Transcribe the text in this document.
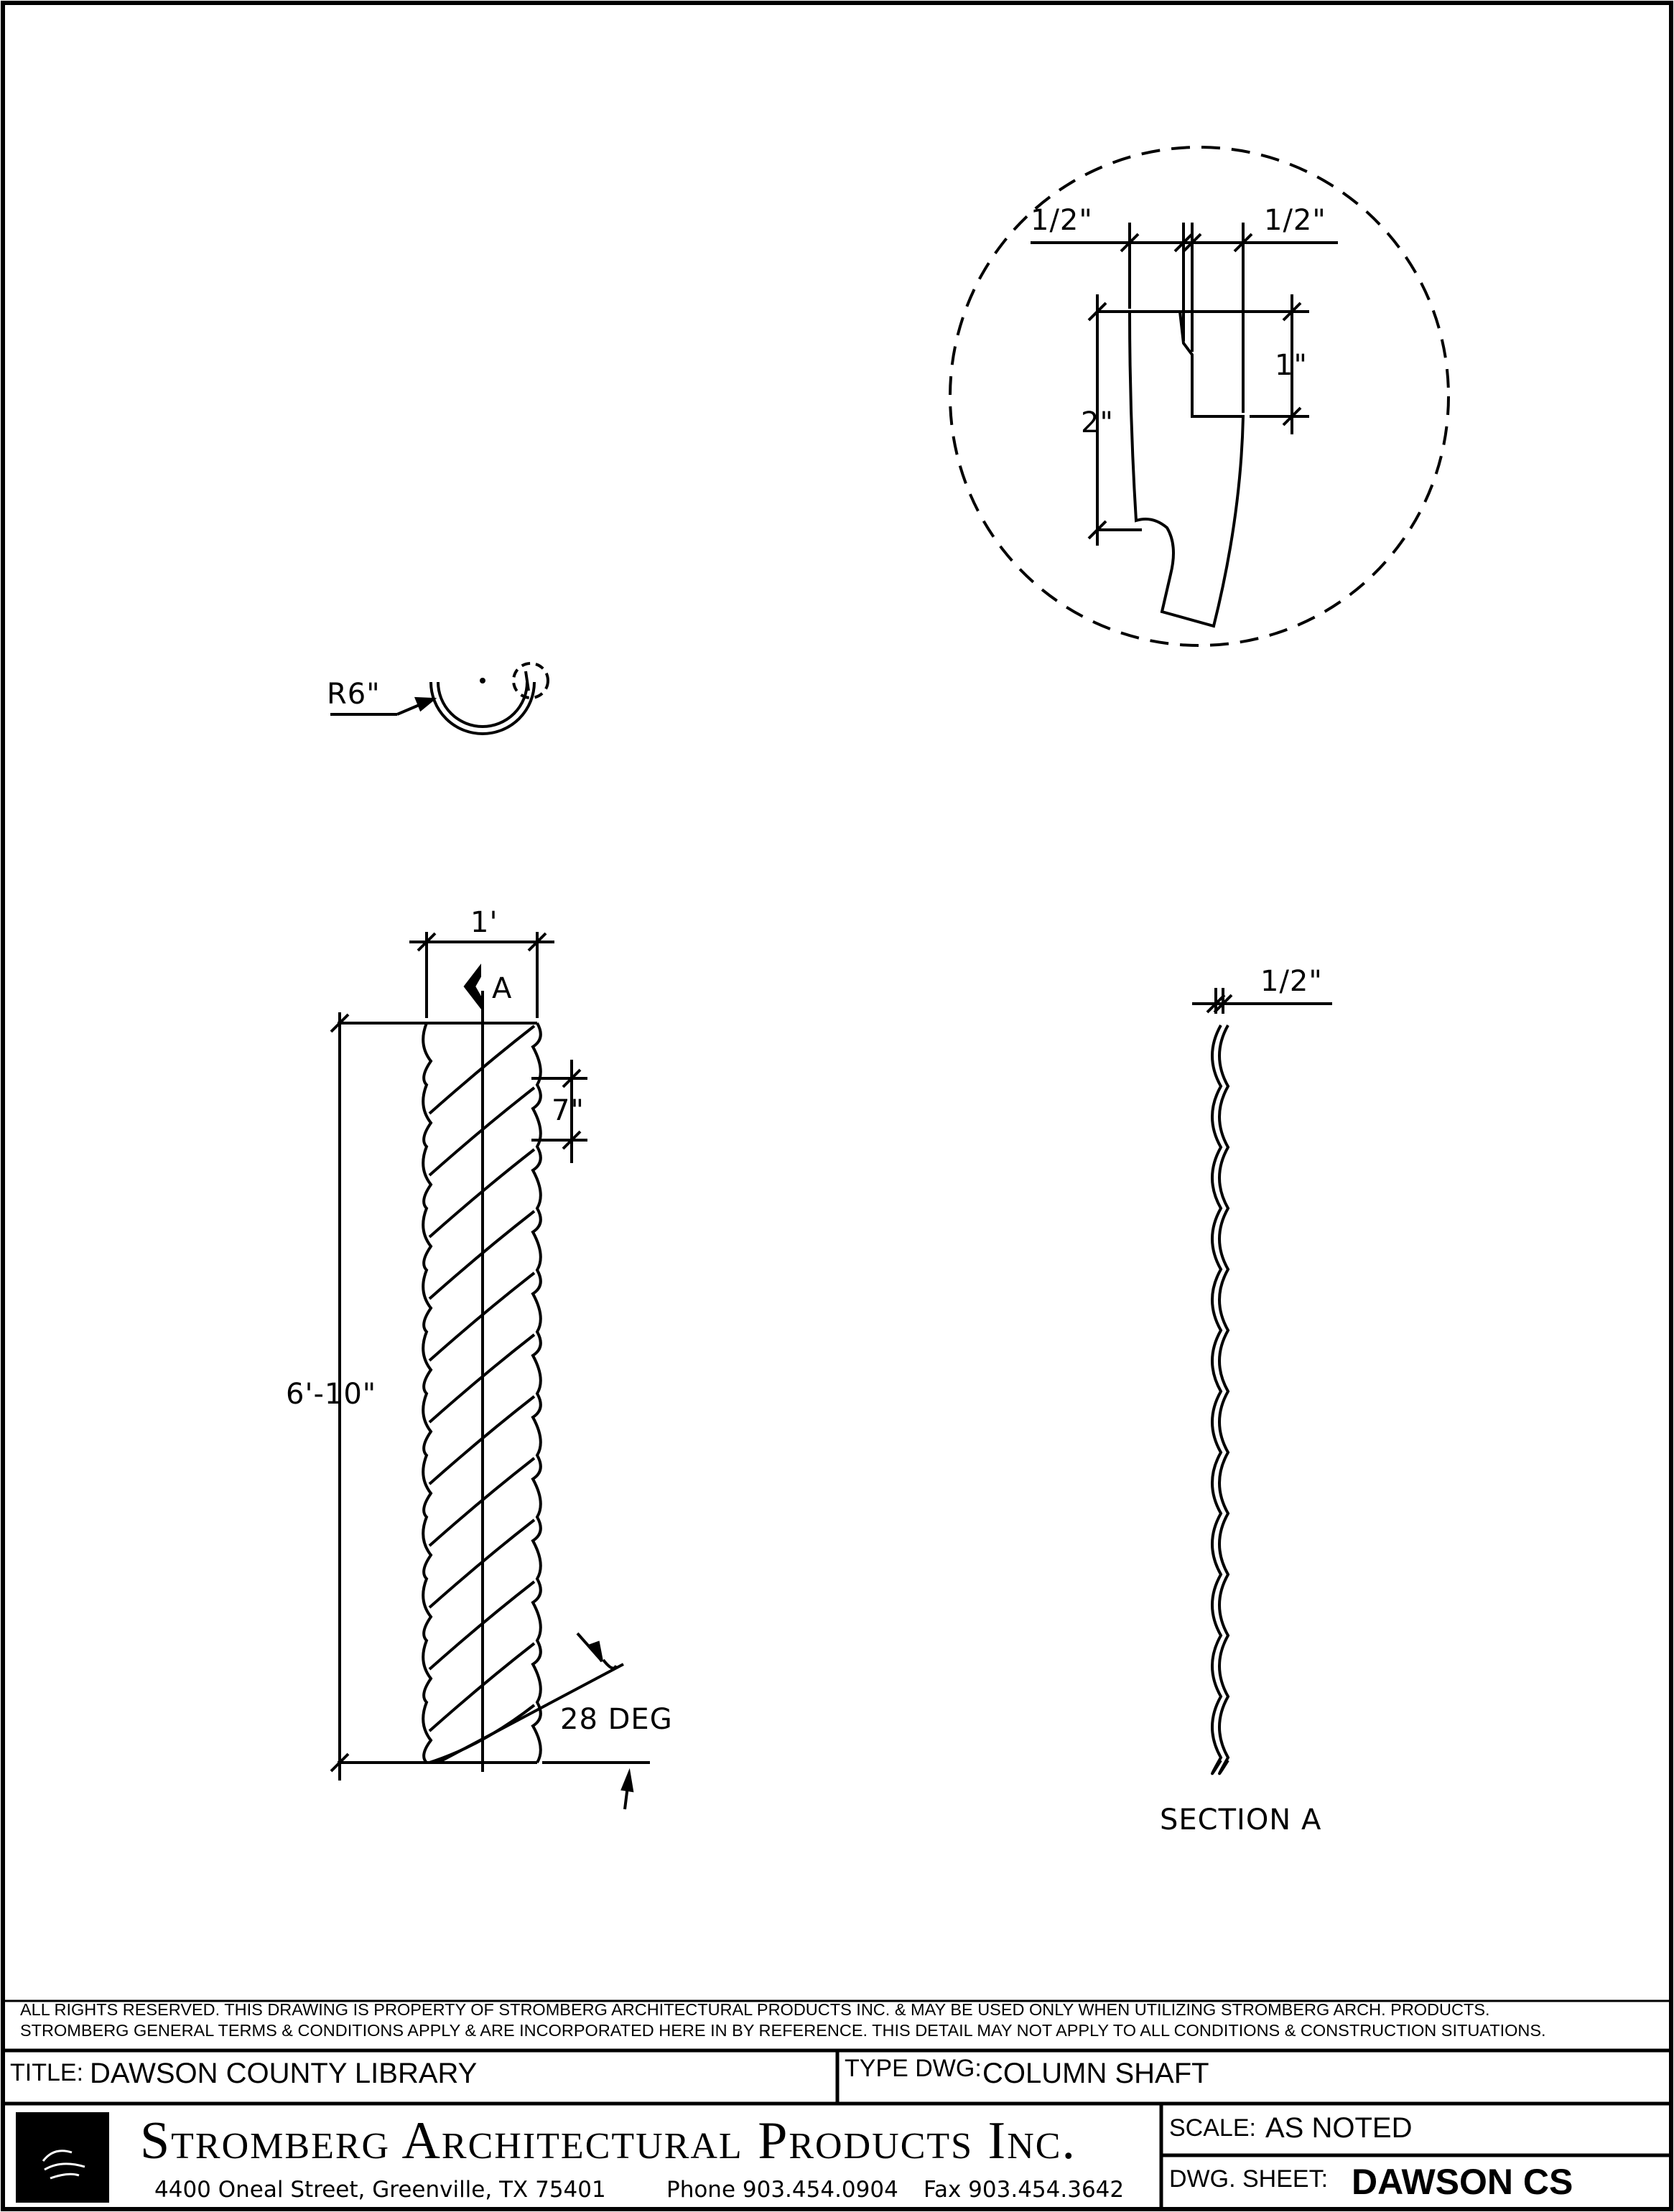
1/2"	1/2"
1"
2"
R6"
1'
A
7"
6'-10"
28 DEG
1/2"
SECTION A
ALL RIGHTS RESERVED. THIS DRAWING IS PROPERTY OF STROMBERG ARCHITECTURAL PRODUCTS INC. & MAY BE USED ONLY WHEN UTILIZING STROMBERG ARCH. PRODUCTS.
STROMBERG GENERAL TERMS & CONDITIONS APPLY & ARE INCORPORATED HERE IN BY REFERENCE. THIS DETAIL MAY NOT APPLY TO ALL CONDITIONS & CONSTRUCTION SITUATIONS.
TITLE: DAWSON COUNTY LIBRARY	TYPE DWG: COLUMN SHAFT
Stromberg Architectural Products Inc.
4400 Oneal Street, Greenville, TX 75401	Phone 903.454.0904 Fax 903.454.3642
SCALE: AS NOTED
DWG. SHEET: DAWSON CS
